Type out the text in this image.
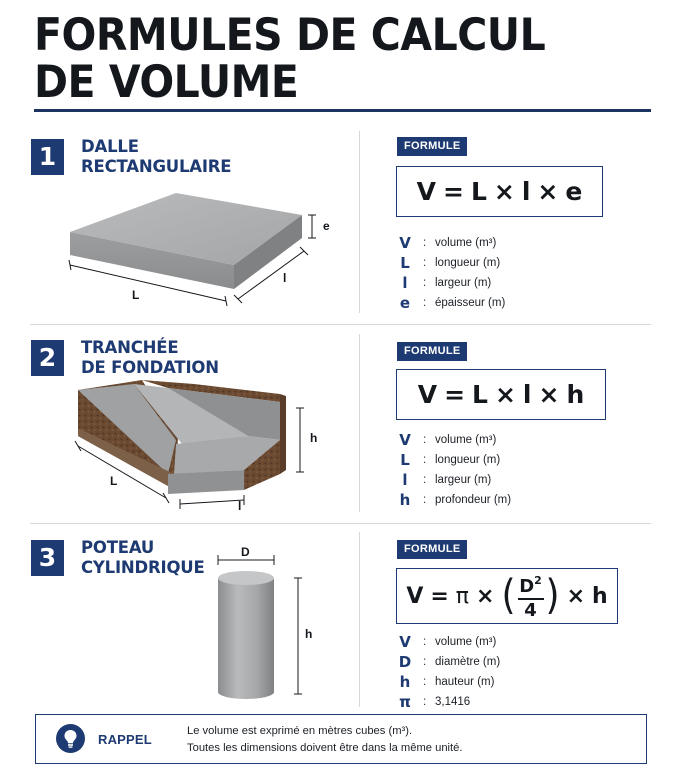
FORMULES DE CALCUL
DE VOLUME
1	DALLE
RECTANGULAIRE
e
L
l
FORMULE
V = L × l × e
V : volume (m³)
L : longueur (m)
l	: largeur (m)
e : épaisseur (m)
2	TRANCHÉE
DE FONDATION
h
L
l
FORMULE
V = L × l × h
V : volume (m³)
L : longueur (m)
l	: largeur (m)
h : profondeur (m)
3	POTEAU
CYLINDRIQUE
D
h
FORMULE
V = π × ( $D^2$
4 ) × h
V : volume (m³)
D : diamètre (m)
h : hauteur (m)
π : 3,1416
RAPPEL
Le volume est exprimé en mètres cubes (m³).
Toutes les dimensions doivent être dans la même unité.
